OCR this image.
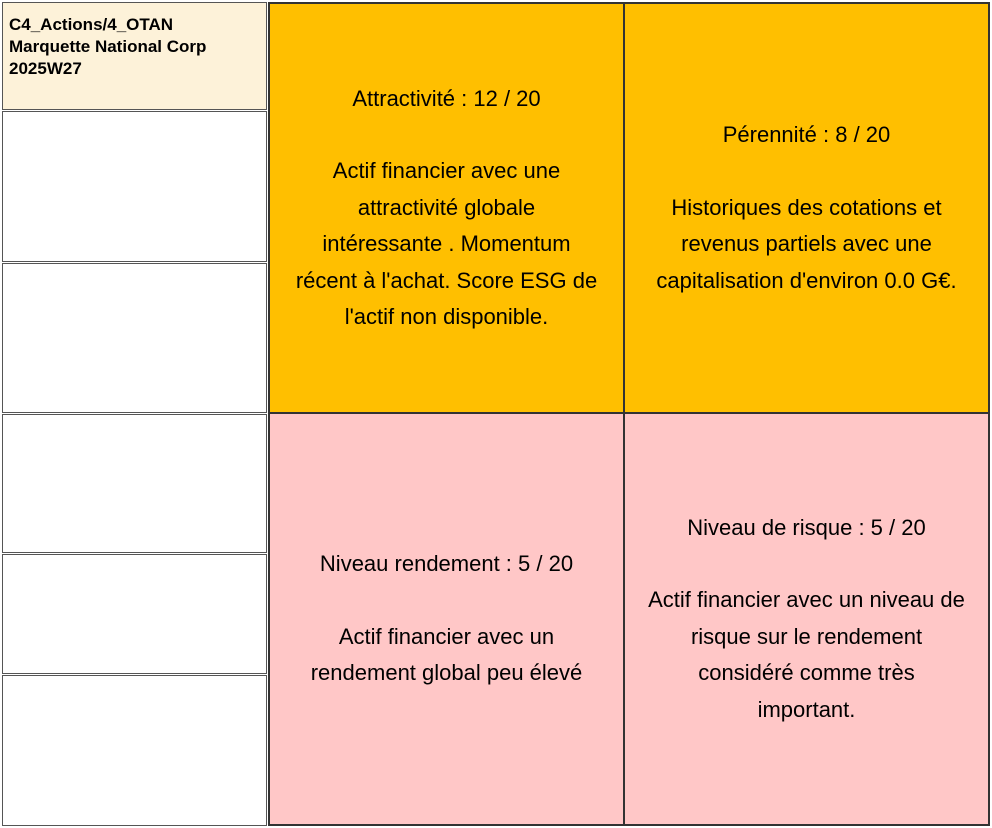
C4_Actions/4_OTAN
Marquette National Corp
2025W27
Attractivité : 12 / 20
Actif financier avec une
attractivité globale
intéressante . Momentum
récent à l'achat. Score ESG de
l'actif non disponible.
Pérennité : 8 / 20
Historiques des cotations et
revenus partiels avec une
capitalisation d'environ 0.0 G€.
Niveau rendement : 5 / 20
Actif financier avec un
rendement global peu élevé
Niveau de risque : 5 / 20
Actif financier avec un niveau de
risque sur le rendement
considéré comme très
important.
